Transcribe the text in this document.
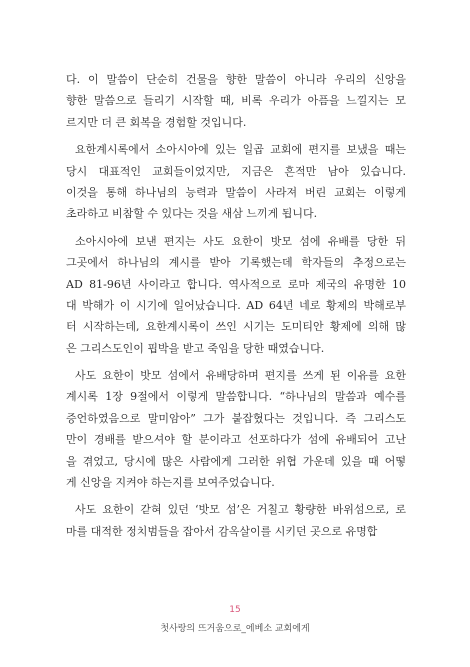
다. 이 말씀이 단순히 건물을 향한 말씀이 아니라 우리의 신앙을
향한 말씀으로 들리기 시작할 때, 비록 우리가 아픔을 느낄지는 모
르지만 더 큰 회복을 경험할 것입니다.
요한계시록에서 소아시아에 있는 일곱 교회에 편지를 보냈을 때는
당시 대표적인 교회들이었지만, 지금은 흔적만 남아 있습니다.
이것을 통해 하나님의 능력과 말씀이 사라져 버린 교회는 이렇게
초라하고 비참할 수 있다는 것을 새삼 느끼게 됩니다.
소아시아에 보낸 편지는 사도 요한이 밧모 섬에 유배를 당한 뒤
그곳에서 하나님의 계시를 받아 기록했는데 학자들의 추정으로는
AD 81-96년 사이라고 합니다. 역사적으로 로마 제국의 유명한 10
대 박해가 이 시기에 일어났습니다. AD 64년 네로 황제의 박해로부
터 시작하는데, 요한계시록이 쓰인 시기는 도미티안 황제에 의해 많
은 그리스도인이 핍박을 받고 죽임을 당한 때였습니다.
사도 요한이 밧모 섬에서 유배당하며 편지를 쓰게 된 이유를 요한
계시록 1장 9절에서 이렇게 말씀합니다. “하나님의 말씀과 예수를
증언하였음으로 말미암아” 그가 붙잡혔다는 것입니다. 즉 그리스도
만이 경배를 받으셔야 할 분이라고 선포하다가 섬에 유배되어 고난
을 겪었고, 당시에 많은 사람에게 그러한 위협 가운데 있을 때 어떻
게 신앙을 지켜야 하는지를 보여주었습니다.
사도 요한이 갇혀 있던 ‘밧모 섬’은 거칠고 황량한 바위섬으로, 로
마를 대적한 정치범들을 잡아서 감옥살이를 시키던 곳으로 유명합
15
첫사랑의 뜨거움으로_에베소 교회에게
